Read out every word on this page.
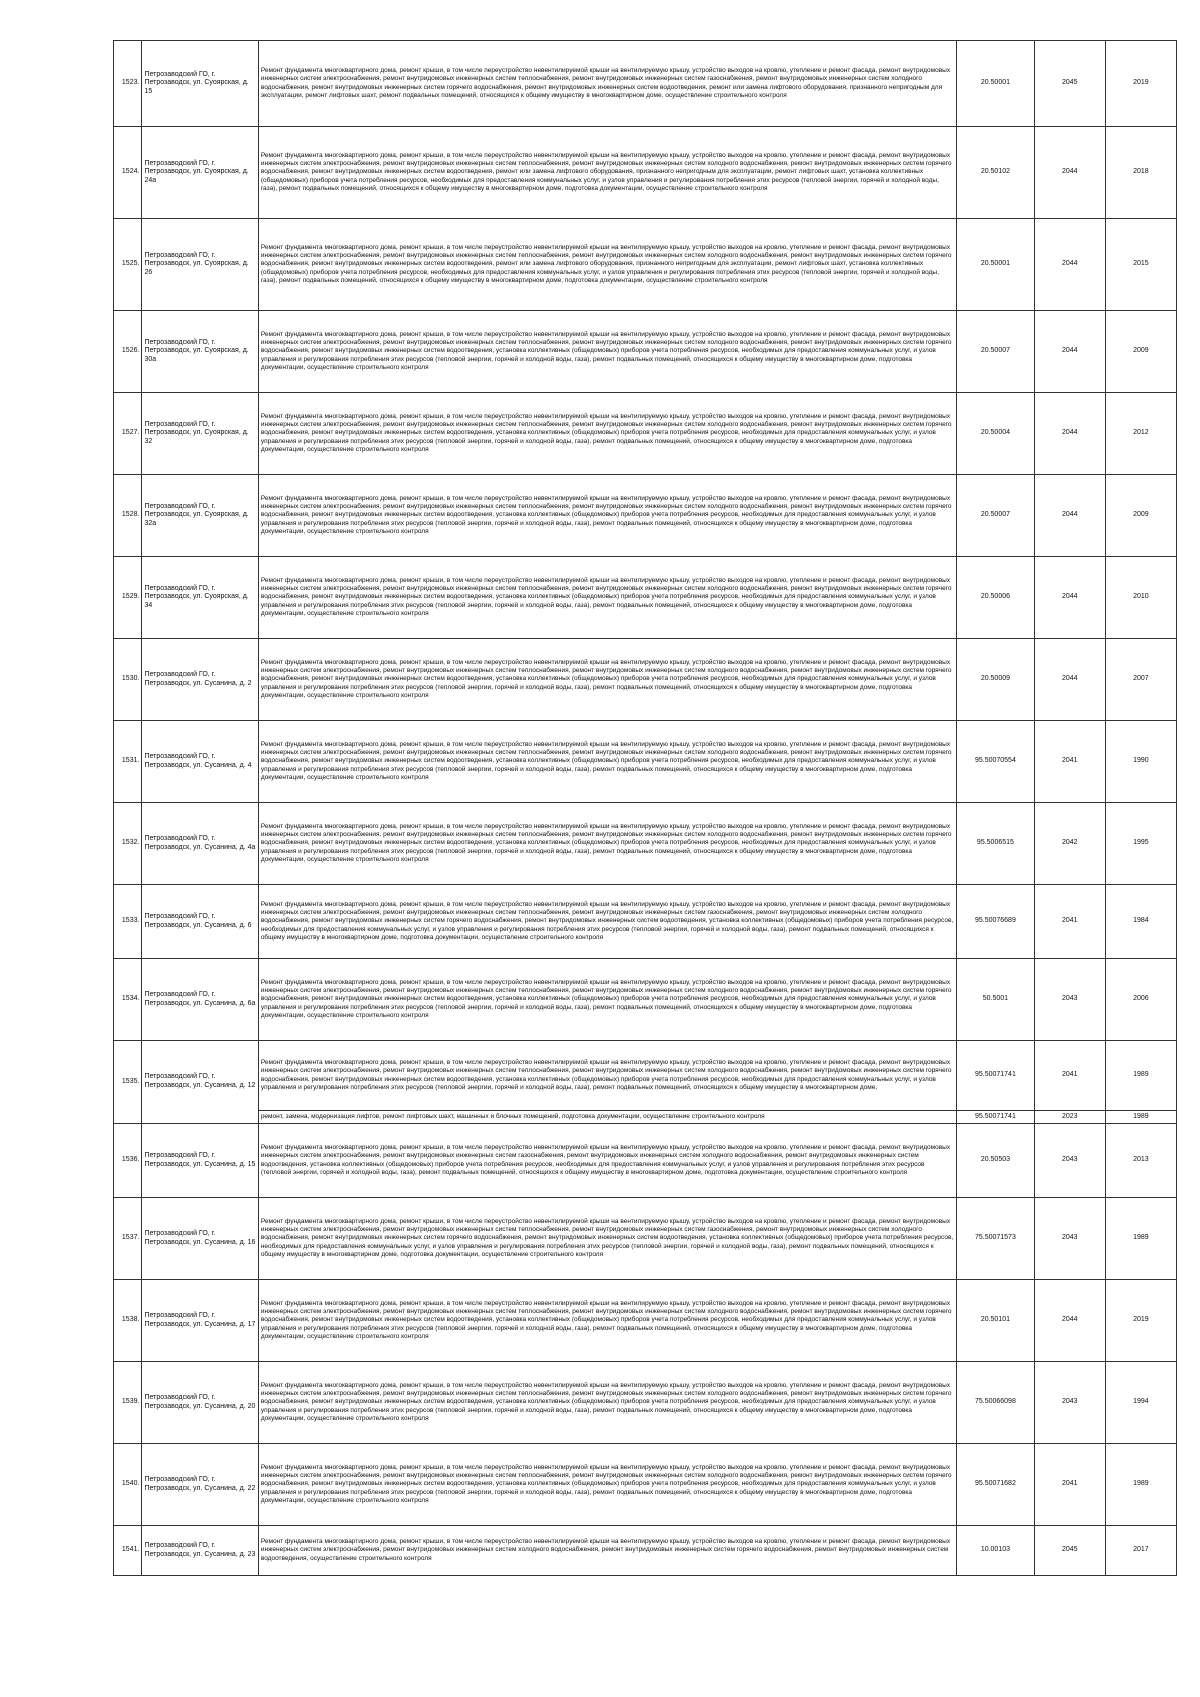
1523.	Петрозаводский ГО, г. Петрозаводск, ул. Суоярская, д. 15	Ремонт фундамента многоквартирного дома, ремонт крыши, в том числе переустройство невентилируемой крыши на вентилируемую крышу, устройство выходов на кровлю, утепление и ремонт фасада, ремонт внутридомовых инженерных систем электроснабжения, ремонт внутридомовых инженерных систем теплоснабжения, ремонт внутридомовых инженерных систем газоснабжения, ремонт внутридомовых инженерных систем холодного водоснабжения, ремонт внутридомовых инженерных систем горячего водоснабжения, ремонт внутридомовых инженерных систем водоотведения, ремонт или замена лифтового оборудования, признанного непригодным для эксплуатации, ремонт лифтовых шахт, ремонт подвальных помещений, относящихся к общему имуществу в многоквартирном доме, осуществление строительного контроля	20.50001	2045	2019
1524.	Петрозаводский ГО, г. Петрозаводск, ул. Суоярская, д. 24а	Ремонт фундамента многоквартирного дома, ремонт крыши, в том числе переустройство невентилируемой крыши на вентилируемую крышу, устройство выходов на кровлю, утепление и ремонт фасада, ремонт внутридомовых инженерных систем электроснабжения, ремонт внутридомовых инженерных систем теплоснабжения, ремонт внутридомовых инженерных систем холодного водоснабжения, ремонт внутридомовых инженерных систем горячего водоснабжения, ремонт внутридомовых инженерных систем водоотведения, ремонт или замена лифтового оборудования, признанного непригодным для эксплуатации, ремонт лифтовых шахт, установка коллективных (общедомовых) приборов учета потребления ресурсов, необходимых для предоставления коммунальных услуг, и узлов управления и регулирования потребления этих ресурсов (тепловой энергии, горячей и холодной воды, газа), ремонт подвальных помещений, относящихся к общему имуществу в многоквартирном доме, подготовка документации, осуществление строительного контроля	20.50102	2044	2018
1525.	Петрозаводский ГО, г. Петрозаводск, ул. Суоярская, д. 26	Ремонт фундамента многоквартирного дома, ремонт крыши, в том числе переустройство невентилируемой крыши на вентилируемую крышу, устройство выходов на кровлю, утепление и ремонт фасада, ремонт внутридомовых инженерных систем электроснабжения, ремонт внутридомовых инженерных систем теплоснабжения, ремонт внутридомовых инженерных систем холодного водоснабжения, ремонт внутридомовых инженерных систем горячего водоснабжения, ремонт внутридомовых инженерных систем водоотведения, ремонт или замена лифтового оборудования, признанного непригодным для эксплуатации, ремонт лифтовых шахт, установка коллективных (общедомовых) приборов учета потребления ресурсов, необходимых для предоставления коммунальных услуг, и узлов управления и регулирования потребления этих ресурсов (тепловой энергии, горячей и холодной воды, газа), ремонт подвальных помещений, относящихся к общему имуществу в многоквартирном доме, подготовка документации, осуществление строительного контроля	20.50001	2044	2015
1526.	Петрозаводский ГО, г. Петрозаводск, ул. Суоярская, д. 30а	Ремонт фундамента многоквартирного дома, ремонт крыши, в том числе переустройство невентилируемой крыши на вентилируемую крышу, устройство выходов на кровлю, утепление и ремонт фасада, ремонт внутридомовых инженерных систем электроснабжения, ремонт внутридомовых инженерных систем теплоснабжения, ремонт внутридомовых инженерных систем холодного водоснабжения, ремонт внутридомовых инженерных систем горячего водоснабжения, ремонт внутридомовых инженерных систем водоотведения, установка коллективных (общедомовых) приборов учета потребления ресурсов, необходимых для предоставления коммунальных услуг, и узлов управления и регулирования потребления этих ресурсов (тепловой энергии, горячей и холодной воды, газа), ремонт подвальных помещений, относящихся к общему имуществу в многоквартирном доме, подготовка документации, осуществление строительного контроля	20.50007	2044	2009
1527.	Петрозаводский ГО, г. Петрозаводск, ул. Суоярская, д. 32	Ремонт фундамента многоквартирного дома, ремонт крыши, в том числе переустройство невентилируемой крыши на вентилируемую крышу, устройство выходов на кровлю, утепление и ремонт фасада, ремонт внутридомовых инженерных систем электроснабжения, ремонт внутридомовых инженерных систем теплоснабжения, ремонт внутридомовых инженерных систем холодного водоснабжения, ремонт внутридомовых инженерных систем горячего водоснабжения, ремонт внутридомовых инженерных систем водоотведения, установка коллективных (общедомовых) приборов учета потребления ресурсов, необходимых для предоставления коммунальных услуг, и узлов управления и регулирования потребления этих ресурсов (тепловой энергии, горячей и холодной воды, газа), ремонт подвальных помещений, относящихся к общему имуществу в многоквартирном доме, подготовка документации, осуществление строительного контроля	20.50004	2044	2012
1528.	Петрозаводский ГО, г. Петрозаводск, ул. Суоярская, д. 32а	Ремонт фундамента многоквартирного дома, ремонт крыши, в том числе переустройство невентилируемой крыши на вентилируемую крышу, устройство выходов на кровлю, утепление и ремонт фасада, ремонт внутридомовых инженерных систем электроснабжения, ремонт внутридомовых инженерных систем теплоснабжения, ремонт внутридомовых инженерных систем холодного водоснабжения, ремонт внутридомовых инженерных систем горячего водоснабжения, ремонт внутридомовых инженерных систем водоотведения, установка коллективных (общедомовых) приборов учета потребления ресурсов, необходимых для предоставления коммунальных услуг, и узлов управления и регулирования потребления этих ресурсов (тепловой энергии, горячей и холодной воды, газа), ремонт подвальных помещений, относящихся к общему имуществу в многоквартирном доме, подготовка документации, осуществление строительного контроля	20.50007	2044	2009
1529.	Петрозаводский ГО, г. Петрозаводск, ул. Суоярская, д. 34	Ремонт фундамента многоквартирного дома, ремонт крыши, в том числе переустройство невентилируемой крыши на вентилируемую крышу, устройство выходов на кровлю, утепление и ремонт фасада, ремонт внутридомовых инженерных систем электроснабжения, ремонт внутридомовых инженерных систем теплоснабжения, ремонт внутридомовых инженерных систем холодного водоснабжения, ремонт внутридомовых инженерных систем горячего водоснабжения, ремонт внутридомовых инженерных систем водоотведения, установка коллективных (общедомовых) приборов учета потребления ресурсов, необходимых для предоставления коммунальных услуг, и узлов управления и регулирования потребления этих ресурсов (тепловой энергии, горячей и холодной воды, газа), ремонт подвальных помещений, относящихся к общему имуществу в многоквартирном доме, подготовка документации, осуществление строительного контроля	20.50006	2044	2010
1530.	Петрозаводский ГО, г. Петрозаводск, ул. Сусанина, д. 2	Ремонт фундамента многоквартирного дома, ремонт крыши, в том числе переустройство невентилируемой крыши на вентилируемую крышу, устройство выходов на кровлю, утепление и ремонт фасада, ремонт внутридомовых инженерных систем электроснабжения, ремонт внутридомовых инженерных систем теплоснабжения, ремонт внутридомовых инженерных систем холодного водоснабжения, ремонт внутридомовых инженерных систем горячего водоснабжения, ремонт внутридомовых инженерных систем водоотведения, установка коллективных (общедомовых) приборов учета потребления ресурсов, необходимых для предоставления коммунальных услуг, и узлов управления и регулирования потребления этих ресурсов (тепловой энергии, горячей и холодной воды, газа), ремонт подвальных помещений, относящихся к общему имуществу в многоквартирном доме, подготовка документации, осуществление строительного контроля	20.50009	2044	2007
1531.	Петрозаводский ГО, г. Петрозаводск, ул. Сусанина, д. 4	Ремонт фундамента многоквартирного дома, ремонт крыши, в том числе переустройство невентилируемой крыши на вентилируемую крышу, устройство выходов на кровлю, утепление и ремонт фасада, ремонт внутридомовых инженерных систем электроснабжения, ремонт внутридомовых инженерных систем теплоснабжения, ремонт внутридомовых инженерных систем холодного водоснабжения, ремонт внутридомовых инженерных систем горячего водоснабжения, ремонт внутридомовых инженерных систем водоотведения, установка коллективных (общедомовых) приборов учета потребления ресурсов, необходимых для предоставления коммунальных услуг, и узлов управления и регулирования потребления этих ресурсов (тепловой энергии, горячей и холодной воды, газа), ремонт подвальных помещений, относящихся к общему имуществу в многоквартирном доме, подготовка документации, осуществление строительного контроля	95.50070554	2041	1990
1532.	Петрозаводский ГО, г. Петрозаводск, ул. Сусанина, д. 4а	Ремонт фундамента многоквартирного дома, ремонт крыши, в том числе переустройство невентилируемой крыши на вентилируемую крышу, устройство выходов на кровлю, утепление и ремонт фасада, ремонт внутридомовых инженерных систем электроснабжения, ремонт внутридомовых инженерных систем теплоснабжения, ремонт внутридомовых инженерных систем холодного водоснабжения, ремонт внутридомовых инженерных систем горячего водоснабжения, ремонт внутридомовых инженерных систем водоотведения, установка коллективных (общедомовых) приборов учета потребления ресурсов, необходимых для предоставления коммунальных услуг, и узлов управления и регулирования потребления этих ресурсов (тепловой энергии, горячей и холодной воды, газа), ремонт подвальных помещений, относящихся к общему имуществу в многоквартирном доме, подготовка документации, осуществление строительного контроля	95.5006515	2042	1995
1533.	Петрозаводский ГО, г. Петрозаводск, ул. Сусанина, д. 6	Ремонт фундамента многоквартирного дома, ремонт крыши, в том числе переустройство невентилируемой крыши на вентилируемую крышу, устройство выходов на кровлю, утепление и ремонт фасада, ремонт внутридомовых инженерных систем электроснабжения, ремонт внутридомовых инженерных систем теплоснабжения, ремонт внутридомовых инженерных систем газоснабжения, ремонт внутридомовых инженерных систем холодного водоснабжения, ремонт внутридомовых инженерных систем горячего водоснабжения, ремонт внутридомовых инженерных систем водоотведения, установка коллективных (общедомовых) приборов учета потребления ресурсов, необходимых для предоставления коммунальных услуг, и узлов управления и регулирования потребления этих ресурсов (тепловой энергии, горячей и холодной воды, газа), ремонт подвальных помещений, относящихся к общему имуществу в многоквартирном доме, подготовка документации, осуществление строительного контроля	95.50076689	2041	1984
1534.	Петрозаводский ГО, г. Петрозаводск, ул. Сусанина, д. 6а	Ремонт фундамента многоквартирного дома, ремонт крыши, в том числе переустройство невентилируемой крыши на вентилируемую крышу, устройство выходов на кровлю, утепление и ремонт фасада, ремонт внутридомовых инженерных систем электроснабжения, ремонт внутридомовых инженерных систем теплоснабжения, ремонт внутридомовых инженерных систем холодного водоснабжения, ремонт внутридомовых инженерных систем горячего водоснабжения, ремонт внутридомовых инженерных систем водоотведения, установка коллективных (общедомовых) приборов учета потребления ресурсов, необходимых для предоставления коммунальных услуг, и узлов управления и регулирования потребления этих ресурсов (тепловой энергии, горячей и холодной воды, газа), ремонт подвальных помещений, относящихся к общему имуществу в многоквартирном доме, подготовка документации, осуществление строительного контроля	50.5001	2043	2006
1535.	Петрозаводский ГО, г. Петрозаводск, ул. Сусанина, д. 12	Ремонт фундамента многоквартирного дома, ремонт крыши, в том числе переустройство невентилируемой крыши на вентилируемую крышу, устройство выходов на кровлю, утепление и ремонт фасада, ремонт внутридомовых инженерных систем электроснабжения, ремонт внутридомовых инженерных систем теплоснабжения, ремонт внутридомовых инженерных систем холодного водоснабжения, ремонт внутридомовых инженерных систем горячего водоснабжения, ремонт внутридомовых инженерных систем водоотведения, установка коллективных (общедомовых) приборов учета потребления ресурсов, необходимых для предоставления коммунальных услуг, и узлов управления и регулирования потребления этих ресурсов (тепловой энергии, горячей и холодной воды, газа), ремонт подвальных помещений, относящихся к общему имуществу в многоквартирном доме,	95.50071741	2041	1989
		ремонт, замена, модернизация лифтов, ремонт лифтовых шахт, машинных и блочных помещений, подготовка документации, осуществление строительного контроля	95.50071741	2023	1989
1536.	Петрозаводский ГО, г. Петрозаводск, ул. Сусанина, д. 15	Ремонт фундамента многоквартирного дома, ремонт крыши, в том числе переустройство невентилируемой крыши на вентилируемую крышу, устройство выходов на кровлю, утепление и ремонт фасада, ремонт внутридомовых инженерных систем электроснабжения, ремонт внутридомовых инженерных систем газоснабжения, ремонт внутридомовых инженерных систем холодного водоснабжения, ремонт внутридомовых инженерных систем водоотведения, установка коллективных (общедомовых) приборов учета потребления ресурсов, необходимых для предоставления коммунальных услуг, и узлов управления и регулирования потребления этих ресурсов (тепловой энергии, горячей и холодной воды, газа), ремонт подвальных помещений, относящихся к общему имуществу в многоквартирном доме, подготовка документации, осуществление строительного контроля	20.50503	2043	2013
1537.	Петрозаводский ГО, г. Петрозаводск, ул. Сусанина, д. 16	Ремонт фундамента многоквартирного дома, ремонт крыши, в том числе переустройство невентилируемой крыши на вентилируемую крышу, устройство выходов на кровлю, утепление и ремонт фасада, ремонт внутридомовых инженерных систем электроснабжения, ремонт внутридомовых инженерных систем теплоснабжения, ремонт внутридомовых инженерных систем газоснабжения, ремонт внутридомовых инженерных систем холодного водоснабжения, ремонт внутридомовых инженерных систем горячего водоснабжения, ремонт внутридомовых инженерных систем водоотведения, установка коллективных (общедомовых) приборов учета потребления ресурсов, необходимых для предоставления коммунальных услуг, и узлов управления и регулирования потребления этих ресурсов (тепловой энергии, горячей и холодной воды, газа), ремонт подвальных помещений, относящихся к общему имуществу в многоквартирном доме, подготовка документации, осуществление строительного контроля	75.50071573	2043	1989
1538.	Петрозаводский ГО, г. Петрозаводск, ул. Сусанина, д. 17	Ремонт фундамента многоквартирного дома, ремонт крыши, в том числе переустройство невентилируемой крыши на вентилируемую крышу, устройство выходов на кровлю, утепление и ремонт фасада, ремонт внутридомовых инженерных систем электроснабжения, ремонт внутридомовых инженерных систем теплоснабжения, ремонт внутридомовых инженерных систем холодного водоснабжения, ремонт внутридомовых инженерных систем горячего водоснабжения, ремонт внутридомовых инженерных систем водоотведения, установка коллективных (общедомовых) приборов учета потребления ресурсов, необходимых для предоставления коммунальных услуг, и узлов управления и регулирования потребления этих ресурсов (тепловой энергии, горячей и холодной воды, газа), ремонт подвальных помещений, относящихся к общему имуществу в многоквартирном доме, подготовка документации, осуществление строительного контроля	20.50101	2044	2019
1539.	Петрозаводский ГО, г. Петрозаводск, ул. Сусанина, д. 20	Ремонт фундамента многоквартирного дома, ремонт крыши, в том числе переустройство невентилируемой крыши на вентилируемую крышу, устройство выходов на кровлю, утепление и ремонт фасада, ремонт внутридомовых инженерных систем электроснабжения, ремонт внутридомовых инженерных систем теплоснабжения, ремонт внутридомовых инженерных систем холодного водоснабжения, ремонт внутридомовых инженерных систем горячего водоснабжения, ремонт внутридомовых инженерных систем водоотведения, установка коллективных (общедомовых) приборов учета потребления ресурсов, необходимых для предоставления коммунальных услуг, и узлов управления и регулирования потребления этих ресурсов (тепловой энергии, горячей и холодной воды, газа), ремонт подвальных помещений, относящихся к общему имуществу в многоквартирном доме, подготовка документации, осуществление строительного контроля	75.50066098	2043	1994
1540.	Петрозаводский ГО, г. Петрозаводск, ул. Сусанина, д. 22	Ремонт фундамента многоквартирного дома, ремонт крыши, в том числе переустройство невентилируемой крыши на вентилируемую крышу, устройство выходов на кровлю, утепление и ремонт фасада, ремонт внутридомовых инженерных систем электроснабжения, ремонт внутридомовых инженерных систем теплоснабжения, ремонт внутридомовых инженерных систем холодного водоснабжения, ремонт внутридомовых инженерных систем горячего водоснабжения, ремонт внутридомовых инженерных систем водоотведения, установка коллективных (общедомовых) приборов учета потребления ресурсов, необходимых для предоставления коммунальных услуг, и узлов управления и регулирования потребления этих ресурсов (тепловой энергии, горячей и холодной воды, газа), ремонт подвальных помещений, относящихся к общему имуществу в многоквартирном доме, подготовка документации, осуществление строительного контроля	95.50071682	2041	1989
1541.	Петрозаводский ГО, г. Петрозаводск, ул. Сусанина, д. 23	Ремонт фундамента многоквартирного дома, ремонт крыши, в том числе переустройство невентилируемой крыши на вентилируемую крышу, устройство выходов на кровлю, утепление и ремонт фасада, ремонт внутридомовых инженерных систем электроснабжения, ремонт внутридомовых инженерных систем холодного водоснабжения, ремонт внутридомовых инженерных систем горячего водоснабжения, ремонт внутридомовых инженерных систем водоотведения, осуществление строительного контроля	10.00103	2045	2017
